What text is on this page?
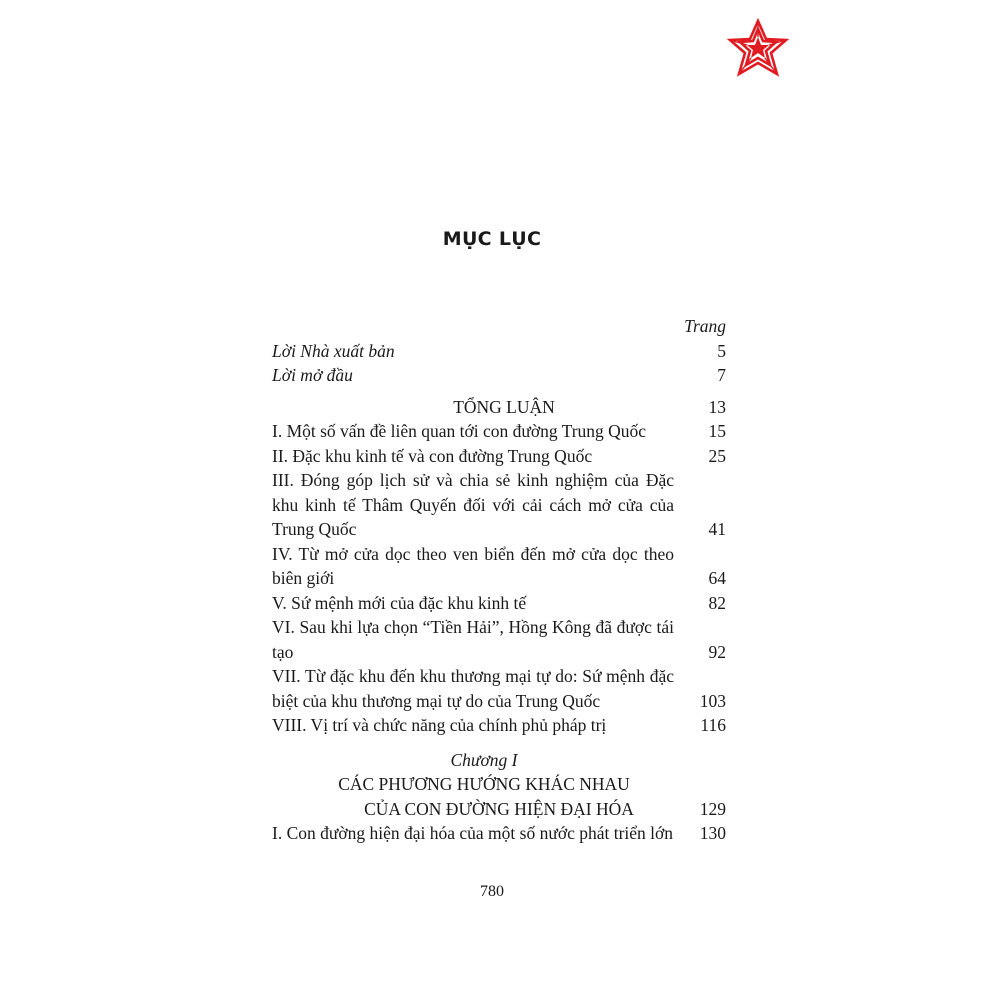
MỤC LỤC
Trang
Lời Nhà xuất bản	5
Lời mở đầu	7
TỔNG LUẬN	13
I. Một số vấn đề liên quan tới con đường Trung Quốc	15
II. Đặc khu kinh tế và con đường Trung Quốc	25
III. Đóng góp lịch sử và chia sẻ kinh nghiệm của Đặc khu kinh tế Thâm Quyến đối với cải cách mở cửa của Trung Quốc	41
IV. Từ mở cửa dọc theo ven biển đến mở cửa dọc theo biên giới	64
V. Sứ mệnh mới của đặc khu kinh tế	82
VI. Sau khi lựa chọn “Tiền Hải”, Hồng Kông đã được tái tạo	92
VII. Từ đặc khu đến khu thương mại tự do: Sứ mệnh đặc biệt của khu thương mại tự do của Trung Quốc	103
VIII. Vị trí và chức năng của chính phủ pháp trị	116
Chương I
CÁC PHƯƠNG HƯỚNG KHÁC NHAU
CỦA CON ĐƯỜNG HIỆN ĐẠI HÓA	129
I. Con đường hiện đại hóa của một số nước phát triển lớn	130
780
